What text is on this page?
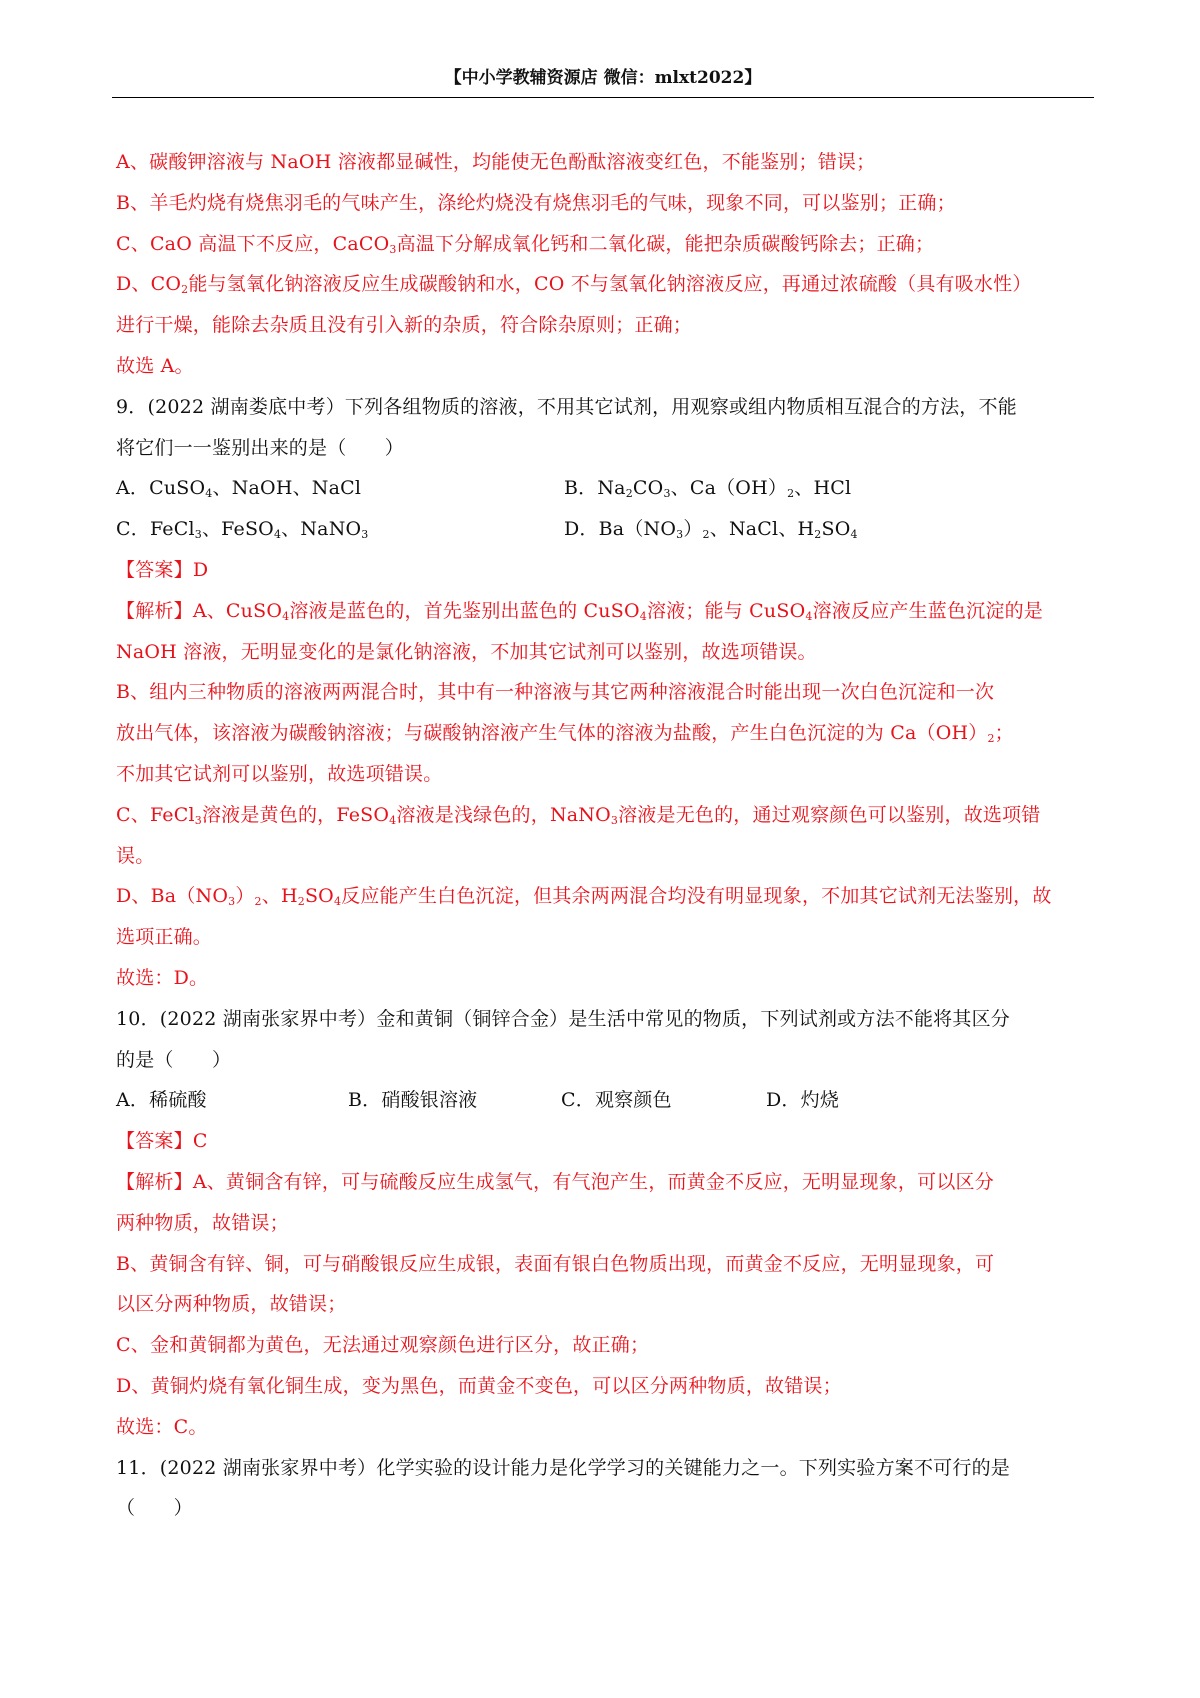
【中小学教辅资源店 微信：mlxt2022】

A、碳酸钾溶液与 NaOH 溶液都显碱性，均能使无色酚酞溶液变红色，不能鉴别；错误；

B、羊毛灼烧有烧焦羽毛的气味产生，涤纶灼烧没有烧焦羽毛的气味，现象不同，可以鉴别；正确；

C、CaO 高温下不反应，CaCO$_3$高温下分解成氧化钙和二氧化碳，能把杂质碳酸钙除去；正确；

D、$CO_2$能与氢氧化钠溶液反应生成碳酸钠和水，CO 不与氢氧化钠溶液反应，再通过浓硫酸（具有吸水性）

进行干燥，能除去杂质且没有引入新的杂质，符合除杂原则；正确；

故选 A。

9．(2022 湖南娄底中考）下列各组物质的溶液，不用其它试剂，用观察或组内物质相互混合的方法，不能

将它们一一鉴别出来的是（　　）

A．CuSO$_4$、NaOH、NaCl	B．$Na_2CO_3$、$Ca(OH)_2$、HCl
C．FeCl$_3$、FeSO$_4$、NaNO$_3$	D．$Ba(NO_3)_2$、NaCl、$H_2SO_4$

【答案】D

【解析】A、CuSO$_4$溶液是蓝色的，首先鉴别出蓝色的 CuSO$_4$溶液；能与 CuSO$_4$溶液反应产生蓝色沉淀的是

NaOH 溶液，无明显变化的是氯化钠溶液，不加其它试剂可以鉴别，故选项错误。

B、组内三种物质的溶液两两混合时，其中有一种溶液与其它两种溶液混合时能出现一次白色沉淀和一次

放出气体，该溶液为碳酸钠溶液；与碳酸钠溶液产生气体的溶液为盐酸，产生白色沉淀的为 $Ca(OH)_2$；

不加其它试剂可以鉴别，故选项错误。

C、FeCl$_3$溶液是黄色的，FeSO$_4$溶液是浅绿色的，NaNO$_3$溶液是无色的，通过观察颜色可以鉴别，故选项错

误。

D、$Ba(NO_3)_2$、$H_2SO_4$反应能产生白色沉淀，但其余两两混合均没有明显现象，不加其它试剂无法鉴别，故

选项正确。

故选：D。

10．(2022 湖南张家界中考）金和黄铜（铜锌合金）是生活中常见的物质，下列试剂或方法不能将其区分

的是（　　）

A．稀硫酸	B．硝酸银溶液	C．观察颜色	D．灼烧

【答案】C

【解析】A、黄铜含有锌，可与硫酸反应生成氢气，有气泡产生，而黄金不反应，无明显现象，可以区分

两种物质，故错误；

B、黄铜含有锌、铜，可与硝酸银反应生成银，表面有银白色物质出现，而黄金不反应，无明显现象，可

以区分两种物质，故错误；

C、金和黄铜都为黄色，无法通过观察颜色进行区分，故正确；

D、黄铜灼烧有氧化铜生成，变为黑色，而黄金不变色，可以区分两种物质，故错误；

故选：C。

11．(2022 湖南张家界中考）化学实验的设计能力是化学学习的关键能力之一。下列实验方案不可行的是

（　　）
